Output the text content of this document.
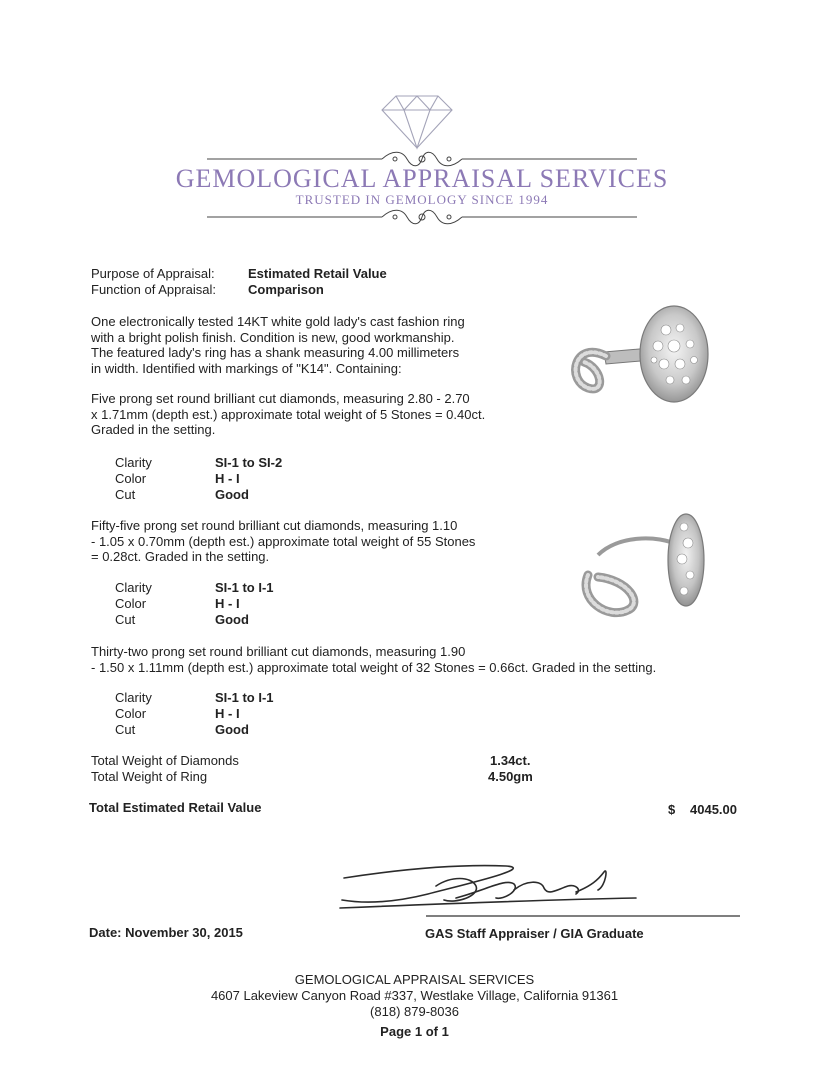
GEMOLOGICAL APPRAISAL SERVICES
TRUSTED IN GEMOLOGY SINCE 1994
Purpose of Appraisal:	Estimated Retail Value
Function of Appraisal: Comparison
One electronically tested 14KT white gold lady's cast fashion ring
with a bright polish finish. Condition is new, good workmanship.
The featured lady's ring has a shank measuring 4.00 millimeters
in width. Identified with markings of "K14". Containing:
Five prong set round brilliant cut diamonds, measuring 2.80 - 2.70
x 1.71mm (depth est.) approximate total weight of 5 Stones = 0.40ct.
Graded in the setting.
Clarity	SI-1 to SI-2
Color	H - I
Cut	Good
Fifty-five prong set round brilliant cut diamonds, measuring 1.10
- 1.05 x 0.70mm (depth est.) approximate total weight of 55 Stones
= 0.28ct. Graded in the setting.
Clarity	SI-1 to I-1
Color	H - I
Cut	Good
Thirty-two prong set round brilliant cut diamonds, measuring 1.90
- 1.50 x 1.11mm (depth est.) approximate total weight of 32 Stones = 0.66ct. Graded in the setting.
Clarity	SI-1 to I-1
Color	H - I
Cut	Good
Total Weight of Diamonds	1.34ct.
Total Weight of Ring	4.50gm
Total Estimated Retail Value	$ 4045.00
Date: November 30, 2015	GAS Staff Appraiser / GIA Graduate
GEMOLOGICAL APPRAISAL SERVICES
4607 Lakeview Canyon Road #337, Westlake Village, California 91361
(818) 879-8036
Page 1 of 1
